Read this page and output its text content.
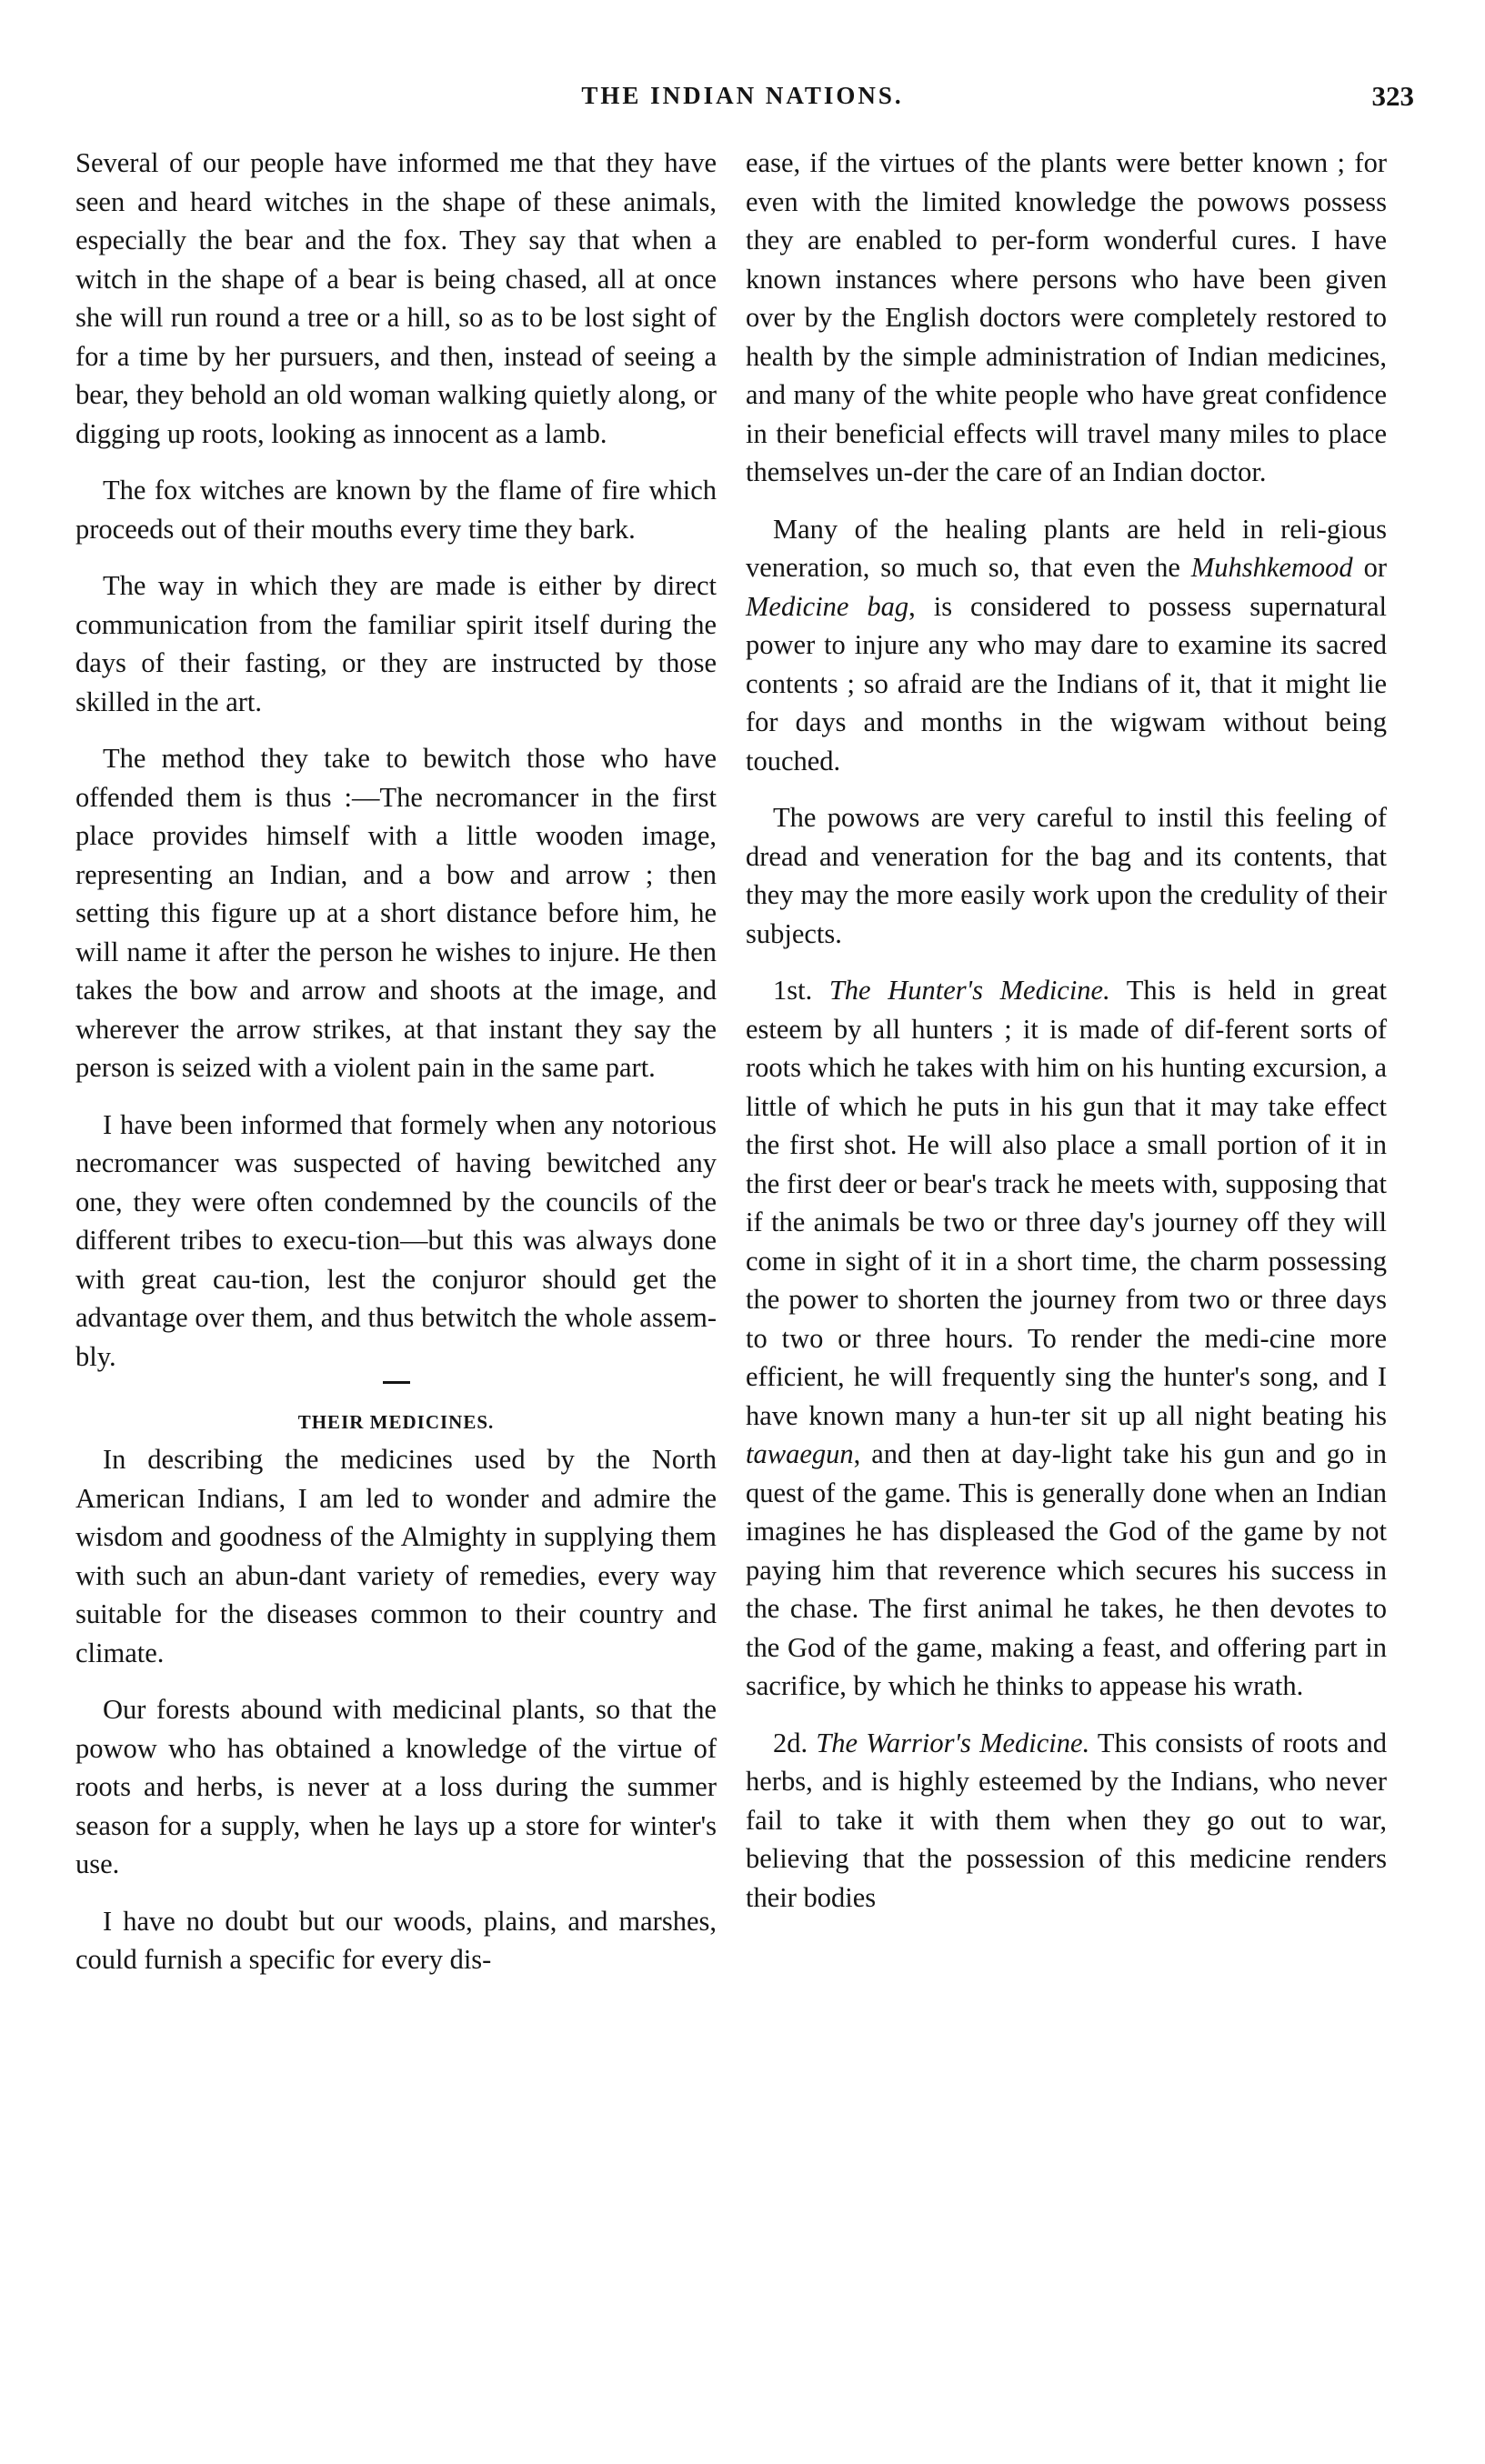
THE INDIAN NATIONS.	323

Several of our people have informed me that they have seen and heard witches in the shape of these animals, especially the bear and the fox. They say that when a witch in the shape of a bear is being chased, all at once she will run round a tree or a hill, so as to be lost sight of for a time by her pursuers, and then, instead of seeing a bear, they behold an old woman walking quietly along, or digging up roots, looking as innocent as a lamb.

The fox witches are known by the flame of fire which proceeds out of their mouths every time they bark.

The way in which they are made is either by direct communication from the familiar spirit itself during the days of their fasting, or they are instructed by those skilled in the art.

The method they take to bewitch those who have offended them is thus :—The necromancer in the first place provides himself with a little wooden image, representing an Indian, and a bow and arrow ; then setting this figure up at a short distance before him, he will name it after the person he wishes to injure. He then takes the bow and arrow and shoots at the image, and wherever the arrow strikes, at that instant they say the person is seized with a violent pain in the same part.

I have been informed that formely when any notorious necromancer was suspected of having bewitched any one, they were often condemned by the councils of the different tribes to execu-tion—but this was always done with great cau-tion, lest the conjuror should get the advantage over them, and thus betwitch the whole assem-bly.

THEIR MEDICINES.

In describing the medicines used by the North American Indians, I am led to wonder and admire the wisdom and goodness of the Almighty in supplying them with such an abun-dant variety of remedies, every way suitable for the diseases common to their country and climate.

Our forests abound with medicinal plants, so that the powow who has obtained a knowledge of the virtue of roots and herbs, is never at a loss during the summer season for a supply, when he lays up a store for winter's use.

I have no doubt but our woods, plains, and marshes, could furnish a specific for every dis-

ease, if the virtues of the plants were better known ; for even with the limited knowledge the powows possess they are enabled to per-form wonderful cures. I have known instances where persons who have been given over by the English doctors were completely restored to health by the simple administration of Indian medicines, and many of the white people who have great confidence in their beneficial effects will travel many miles to place themselves un-der the care of an Indian doctor.

Many of the healing plants are held in reli-gious veneration, so much so, that even the Muhshkemood or Medicine bag, is considered to possess supernatural power to injure any who may dare to examine its sacred contents ; so afraid are the Indians of it, that it might lie for days and months in the wigwam without being touched.

The powows are very careful to instil this feeling of dread and veneration for the bag and its contents, that they may the more easily work upon the credulity of their subjects.

1st. The Hunter's Medicine. This is held in great esteem by all hunters ; it is made of dif-ferent sorts of roots which he takes with him on his hunting excursion, a little of which he puts in his gun that it may take effect the first shot. He will also place a small portion of it in the first deer or bear's track he meets with, supposing that if the animals be two or three day's journey off they will come in sight of it in a short time, the charm possessing the power to shorten the journey from two or three days to two or three hours. To render the medi-cine more efficient, he will frequently sing the hunter's song, and I have known many a hun-ter sit up all night beating his tawaegun, and then at day-light take his gun and go in quest of the game. This is generally done when an Indian imagines he has displeased the God of the game by not paying him that reverence which secures his success in the chase. The first animal he takes, he then devotes to the God of the game, making a feast, and offering part in sacrifice, by which he thinks to appease his wrath.

2d. The Warrior's Medicine. This consists of roots and herbs, and is highly esteemed by the Indians, who never fail to take it with them when they go out to war, believing that the possession of this medicine renders their bodies
